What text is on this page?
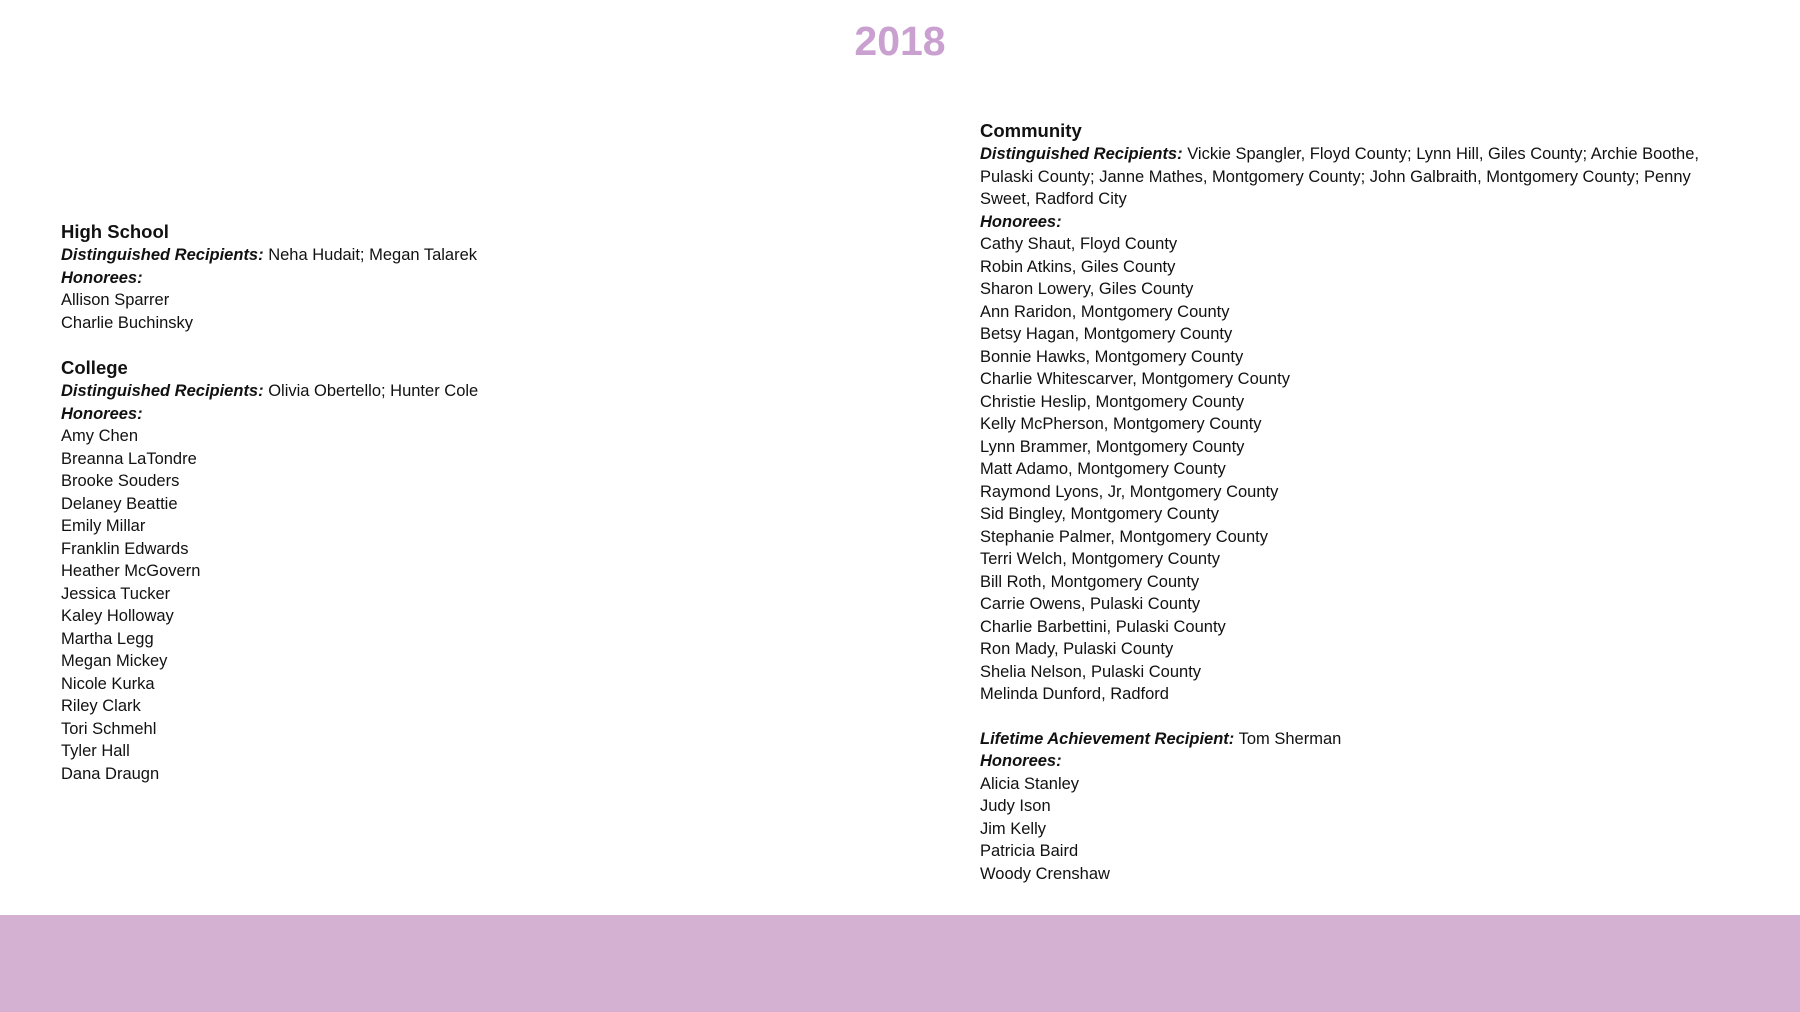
2018
High School
Distinguished Recipients: Neha Hudait; Megan Talarek
Honorees:
Allison Sparrer
Charlie Buchinsky
College
Distinguished Recipients: Olivia Obertello; Hunter Cole
Honorees:
Amy Chen
Breanna LaTondre
Brooke Souders
Delaney Beattie
Emily Millar
Franklin Edwards
Heather McGovern
Jessica Tucker
Kaley Holloway
Martha Legg
Megan Mickey
Nicole Kurka
Riley Clark
Tori Schmehl
Tyler Hall
Dana Draugn
Community
Distinguished Recipients: Vickie Spangler, Floyd County; Lynn Hill, Giles County; Archie Boothe, Pulaski County; Janne Mathes, Montgomery County; John Galbraith, Montgomery County; Penny Sweet, Radford City
Honorees:
Cathy Shaut, Floyd County
Robin Atkins, Giles County
Sharon Lowery, Giles County
Ann Raridon, Montgomery County
Betsy Hagan, Montgomery County
Bonnie Hawks, Montgomery County
Charlie Whitescarver, Montgomery County
Christie Heslip, Montgomery County
Kelly McPherson, Montgomery County
Lynn Brammer, Montgomery County
Matt Adamo, Montgomery County
Raymond Lyons, Jr, Montgomery County
Sid Bingley, Montgomery County
Stephanie Palmer, Montgomery County
Terri Welch, Montgomery County
Bill Roth, Montgomery County
Carrie Owens, Pulaski County
Charlie Barbettini, Pulaski County
Ron Mady, Pulaski County
Shelia Nelson, Pulaski County
Melinda Dunford, Radford
Lifetime Achievement Recipient: Tom Sherman
Honorees:
Alicia Stanley
Judy Ison
Jim Kelly
Patricia Baird
Woody Crenshaw
